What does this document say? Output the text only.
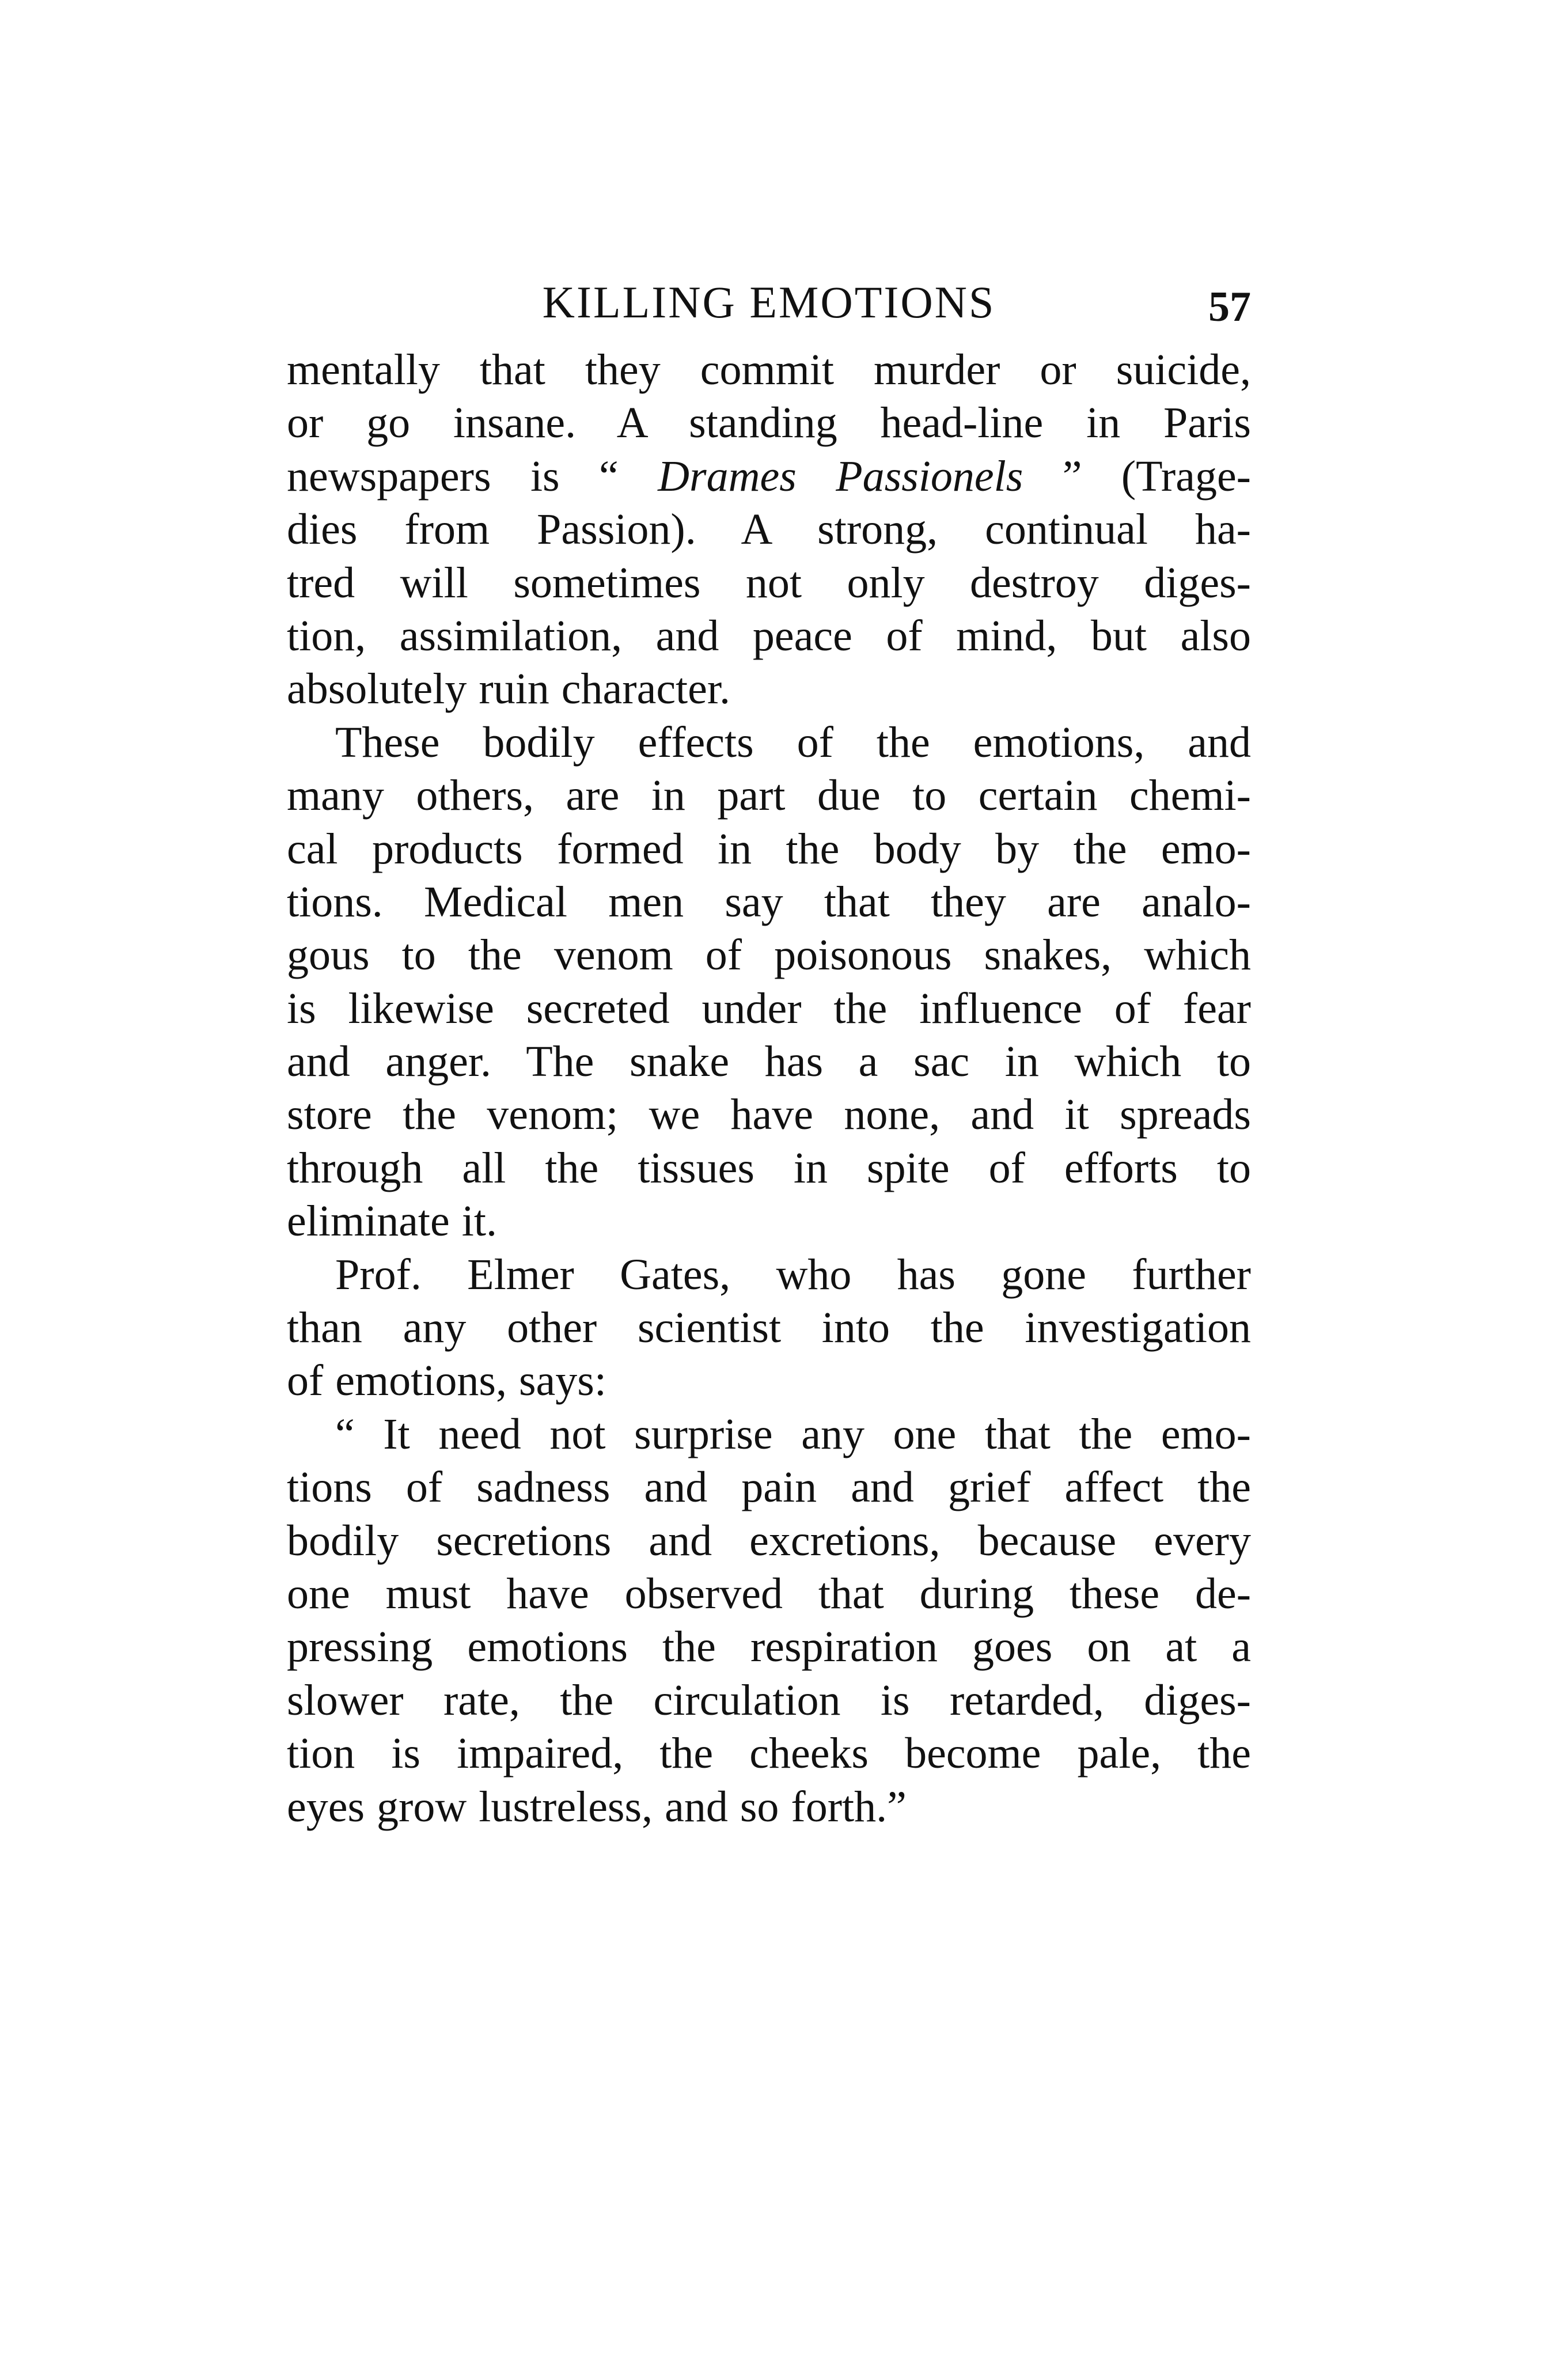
KILLING EMOTIONS	57
mentally that they commit murder or suicide,
or go insane. A standing head-line in Paris
newspapers is “ Drames Passionels ” (Trage-
dies from Passion). A strong, continual ha-
tred will sometimes not only destroy diges-
tion, assimilation, and peace of mind, but also
absolutely ruin character.
These bodily effects of the emotions, and
many others, are in part due to certain chemi-
cal products formed in the body by the emo-
tions. Medical men say that they are analo-
gous to the venom of poisonous snakes, which
is likewise secreted under the influence of fear
and anger. The snake has a sac in which to
store the venom; we have none, and it spreads
through all the tissues in spite of efforts to
eliminate it.
Prof. Elmer Gates, who has gone further
than any other scientist into the investigation
of emotions, says:
“ It need not surprise any one that the emo-
tions of sadness and pain and grief affect the
bodily secretions and excretions, because every
one must have observed that during these de-
pressing emotions the respiration goes on at a
slower rate, the circulation is retarded, diges-
tion is impaired, the cheeks become pale, the
eyes grow lustreless, and so forth.”
